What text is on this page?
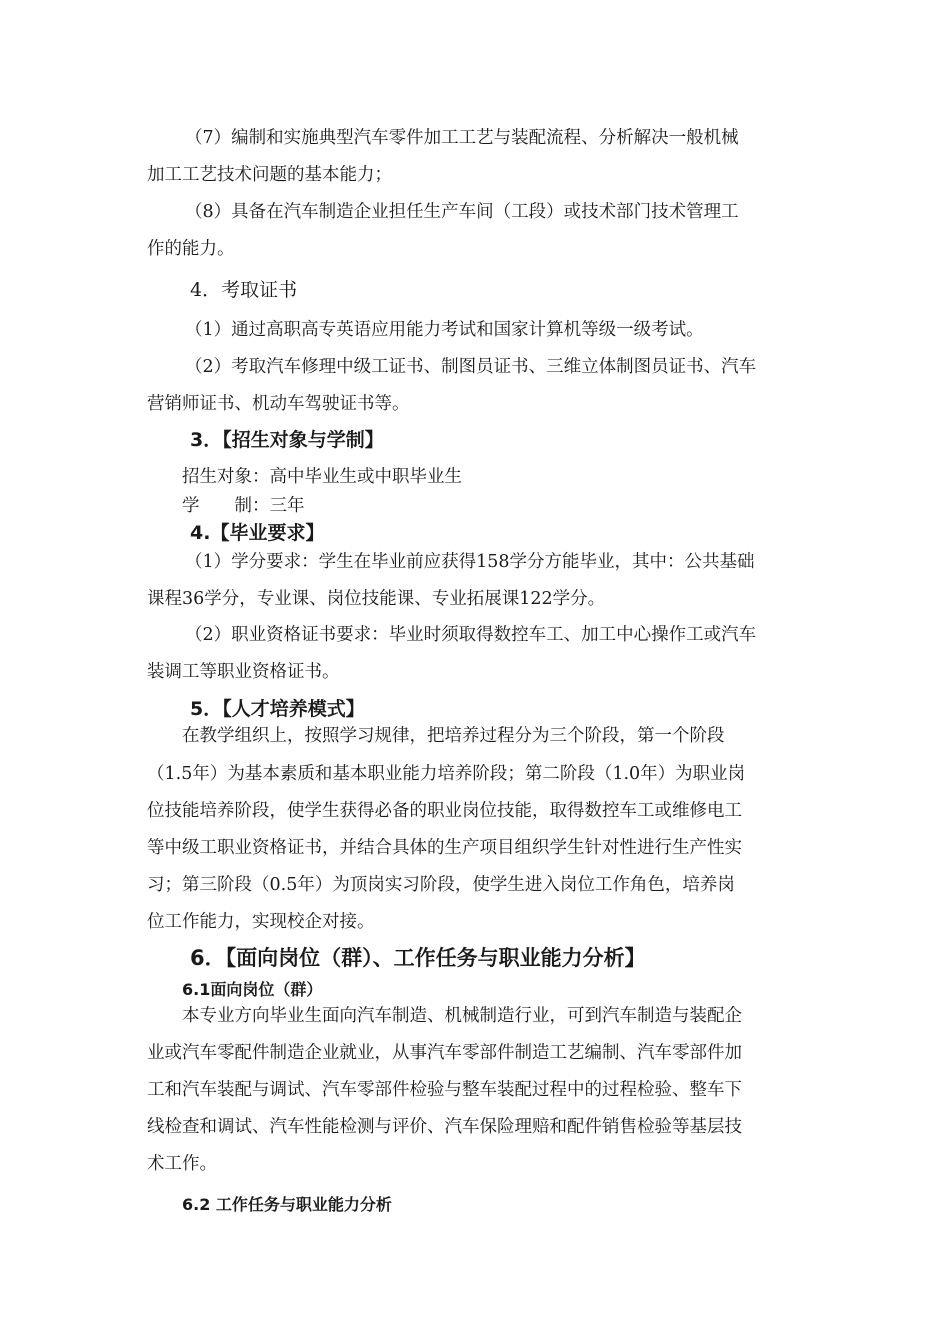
（7）编制和实施典型汽车零件加工工艺与装配流程、分析解决一般机械
加工工艺技术问题的基本能力；
（8）具备在汽车制造企业担任生产车间（工段）或技术部门技术管理工
作的能力。
4．考取证书
（1）通过高职高专英语应用能力考试和国家计算机等级一级考试。
（2）考取汽车修理中级工证书、制图员证书、三维立体制图员证书、汽车
营销师证书、机动车驾驶证书等。
3．【招生对象与学制】
招生对象：高中毕业生或中职毕业生
学　　制：三年
4.【毕业要求】
（1）学分要求：学生在毕业前应获得158学分方能毕业，其中：公共基础
课程36学分，专业课、岗位技能课、专业拓展课122学分。
（2）职业资格证书要求：毕业时须取得数控车工、加工中心操作工或汽车
装调工等职业资格证书。
5．【人才培养模式】
在教学组织上，按照学习规律，把培养过程分为三个阶段，第一个阶段
（1.5年）为基本素质和基本职业能力培养阶段；第二阶段（1.0年）为职业岗
位技能培养阶段，使学生获得必备的职业岗位技能，取得数控车工或维修电工
等中级工职业资格证书，并结合具体的生产项目组织学生针对性进行生产性实
习；第三阶段（0.5年）为顶岗实习阶段，使学生进入岗位工作角色，培养岗
位工作能力，实现校企对接。
6．【面向岗位（群）、工作任务与职业能力分析】
6.1面向岗位（群）
本专业方向毕业生面向汽车制造、机械制造行业，可到汽车制造与装配企
业或汽车零配件制造企业就业，从事汽车零部件制造工艺编制、汽车零部件加
工和汽车装配与调试、汽车零部件检验与整车装配过程中的过程检验、整车下
线检查和调试、汽车性能检测与评价、汽车保险理赔和配件销售检验等基层技
术工作。
6.2 工作任务与职业能力分析
